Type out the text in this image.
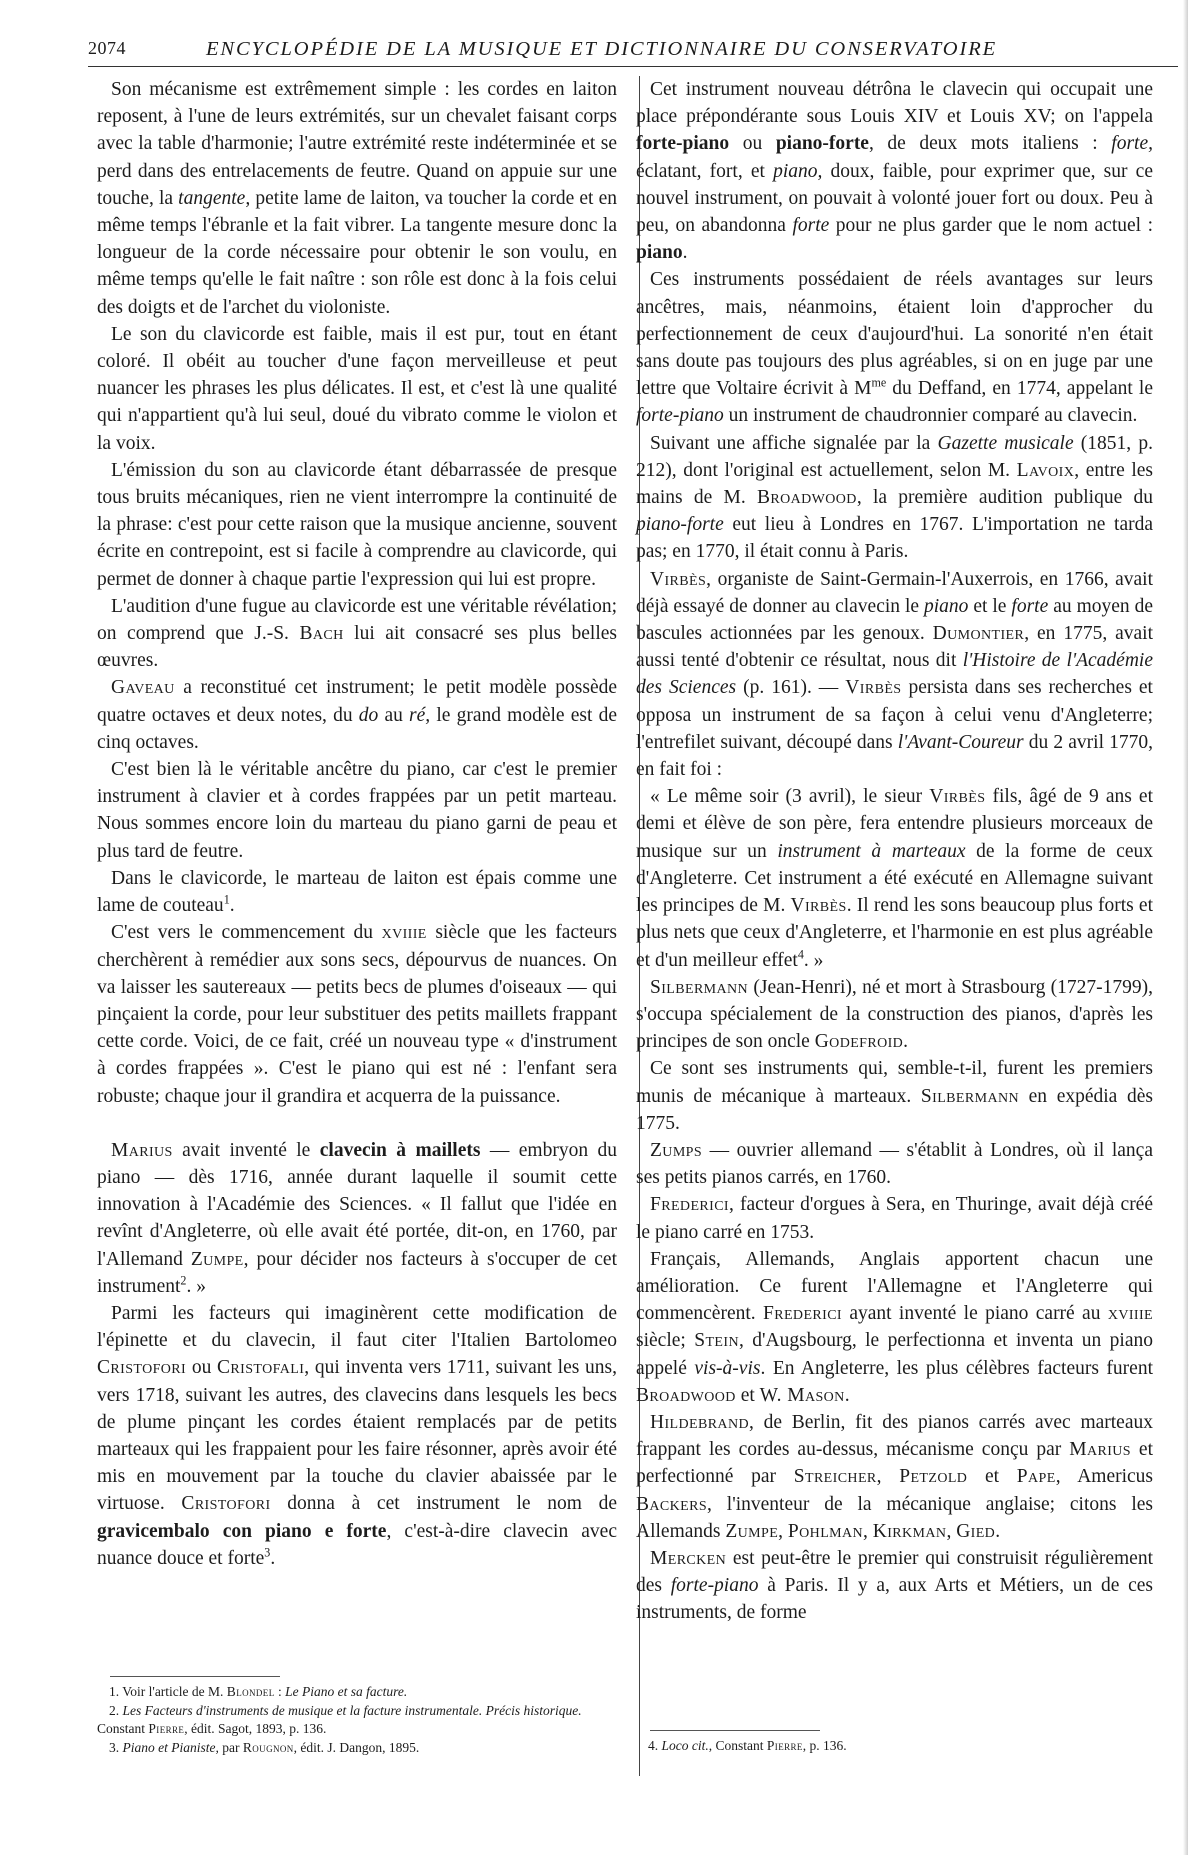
2074	ENCYCLOPÉDIE DE LA MUSIQUE ET DICTIONNAIRE DU CONSERVATOIRE

Son mécanisme est extrêmement simple : les cordes en laiton reposent, à l'une de leurs extrémités, sur un chevalet faisant corps avec la table d'harmonie; l'autre extrémité reste indéterminée et se perd dans des entrelacements de feutre. Quand on appuie sur une touche, la tangente, petite lame de laiton, va toucher la corde et en même temps l'ébranle et la fait vibrer. La tangente mesure donc la longueur de la corde nécessaire pour obtenir le son voulu, en même temps qu'elle le fait naître : son rôle est donc à la fois celui des doigts et de l'archet du violoniste.

Le son du clavicorde est faible, mais il est pur, tout en étant coloré. Il obéit au toucher d'une façon merveilleuse et peut nuancer les phrases les plus délicates. Il est, et c'est là une qualité qui n'appartient qu'à lui seul, doué du vibrato comme le violon et la voix.

L'émission du son au clavicorde étant débarrassée de presque tous bruits mécaniques, rien ne vient interrompre la continuité de la phrase: c'est pour cette raison que la musique ancienne, souvent écrite en contrepoint, est si facile à comprendre au clavicorde, qui permet de donner à chaque partie l'expression qui lui est propre.

L'audition d'une fugue au clavicorde est une véritable révélation; on comprend que J.-S. Bach lui ait consacré ses plus belles œuvres.

Gaveau a reconstitué cet instrument; le petit modèle possède quatre octaves et deux notes, du do au ré, le grand modèle est de cinq octaves.

C'est bien là le véritable ancêtre du piano, car c'est le premier instrument à clavier et à cordes frappées par un petit marteau. Nous sommes encore loin du marteau du piano garni de peau et plus tard de feutre.

Dans le clavicorde, le marteau de laiton est épais comme une lame de couteau$^1$.

C'est vers le commencement du xviiie siècle que les facteurs cherchèrent à remédier aux sons secs, dépourvus de nuances. On va laisser les sautereaux — petits becs de plumes d'oiseaux — qui pinçaient la corde, pour leur substituer des petits maillets frappant cette corde. Voici, de ce fait, créé un nouveau type « d'instrument à cordes frappées ». C'est le piano qui est né : l'enfant sera robuste; chaque jour il grandira et acquerra de la puissance.

Marius avait inventé le clavecin à maillets — embryon du piano — dès 1716, année durant laquelle il soumit cette innovation à l'Académie des Sciences. « Il fallut que l'idée en revînt d'Angleterre, où elle avait été portée, dit-on, en 1760, par l'Allemand Zumpe, pour décider nos facteurs à s'occuper de cet instrument$^2$. »

Parmi les facteurs qui imaginèrent cette modification de l'épinette et du clavecin, il faut citer l'Italien Bartolomeo Cristofori ou Cristofali, qui inventa vers 1711, suivant les uns, vers 1718, suivant les autres, des clavecins dans lesquels les becs de plume pinçant les cordes étaient remplacés par de petits marteaux qui les frappaient pour les faire résonner, après avoir été mis en mouvement par la touche du clavier abaissée par le virtuose. Cristofori donna à cet instrument le nom de gravicembalo con piano e forte, c'est-à-dire clavecin avec nuance douce et forte$^3$.

1. Voir l'article de M. Blondel : Le Piano et sa facture.

2. Les Facteurs d'instruments de musique et la facture instrumentale. Précis historique. Constant Pierre, édit. Sagot, 1893, p. 136.

3. Piano et Pianiste, par Rougnon, édit. J. Dangon, 1895.

Cet instrument nouveau détrôna le clavecin qui occupait une place prépondérante sous Louis XIV et Louis XV; on l'appela forte-piano ou piano-forte, de deux mots italiens : forte, éclatant, fort, et piano, doux, faible, pour exprimer que, sur ce nouvel instrument, on pouvait à volonté jouer fort ou doux. Peu à peu, on abandonna forte pour ne plus garder que le nom actuel : piano.

Ces instruments possédaient de réels avantages sur leurs ancêtres, mais, néanmoins, étaient loin d'approcher du perfectionnement de ceux d'aujourd'hui. La sonorité n'en était sans doute pas toujours des plus agréables, si on en juge par une lettre que Voltaire écrivit à $M^{me}$ du Deffand, en 1774, appelant le forte-piano un instrument de chaudronnier comparé au clavecin.

Suivant une affiche signalée par la Gazette musicale (1851, p. 212), dont l'original est actuellement, selon M. Lavoix, entre les mains de M. Broadwood, la première audition publique du piano-forte eut lieu à Londres en 1767. L'importation ne tarda pas; en 1770, il était connu à Paris.

Virbès, organiste de Saint-Germain-l'Auxerrois, en 1766, avait déjà essayé de donner au clavecin le piano et le forte au moyen de bascules actionnées par les genoux. Dumontier, en 1775, avait aussi tenté d'obtenir ce résultat, nous dit l'Histoire de l'Académie des Sciences (p. 161). — Virbès persista dans ses recherches et opposa un instrument de sa façon à celui venu d'Angleterre; l'entrefilet suivant, découpé dans l'Avant-Coureur du 2 avril 1770, en fait foi :

« Le même soir (3 avril), le sieur Virbès fils, âgé de 9 ans et demi et élève de son père, fera entendre plusieurs morceaux de musique sur un instrument à marteaux de la forme de ceux d'Angleterre. Cet instrument a été exécuté en Allemagne suivant les principes de M. Virbès. Il rend les sons beaucoup plus forts et plus nets que ceux d'Angleterre, et l'harmonie en est plus agréable et d'un meilleur effet$^4$. »

Silbermann (Jean-Henri), né et mort à Strasbourg (1727-1799), s'occupa spécialement de la construction des pianos, d'après les principes de son oncle Godefroid.

Ce sont ses instruments qui, semble-t-il, furent les premiers munis de mécanique à marteaux. Silbermann en expédia dès 1775.

Zumps — ouvrier allemand — s'établit à Londres, où il lança ses petits pianos carrés, en 1760.

Frederici, facteur d'orgues à Sera, en Thuringe, avait déjà créé le piano carré en 1753.

Français, Allemands, Anglais apportent chacun une amélioration. Ce furent l'Allemagne et l'Angleterre qui commencèrent. Frederici ayant inventé le piano carré au xviiie siècle; Stein, d'Augsbourg, le perfectionna et inventa un piano appelé vis-à-vis. En Angleterre, les plus célèbres facteurs furent Broadwood et W. Mason.

Hildebrand, de Berlin, fit des pianos carrés avec marteaux frappant les cordes au-dessus, mécanisme conçu par Marius et perfectionné par Streicher, Petzold et Pape, Americus Backers, l'inventeur de la mécanique anglaise; citons les Allemands Zumpe, Pohlman, Kirkman, Gied.

Mercken est peut-être le premier qui construisit régulièrement des forte-piano à Paris. Il y a, aux Arts et Métiers, un de ces instruments, de forme

4. Loco cit., Constant Pierre, p. 136.
